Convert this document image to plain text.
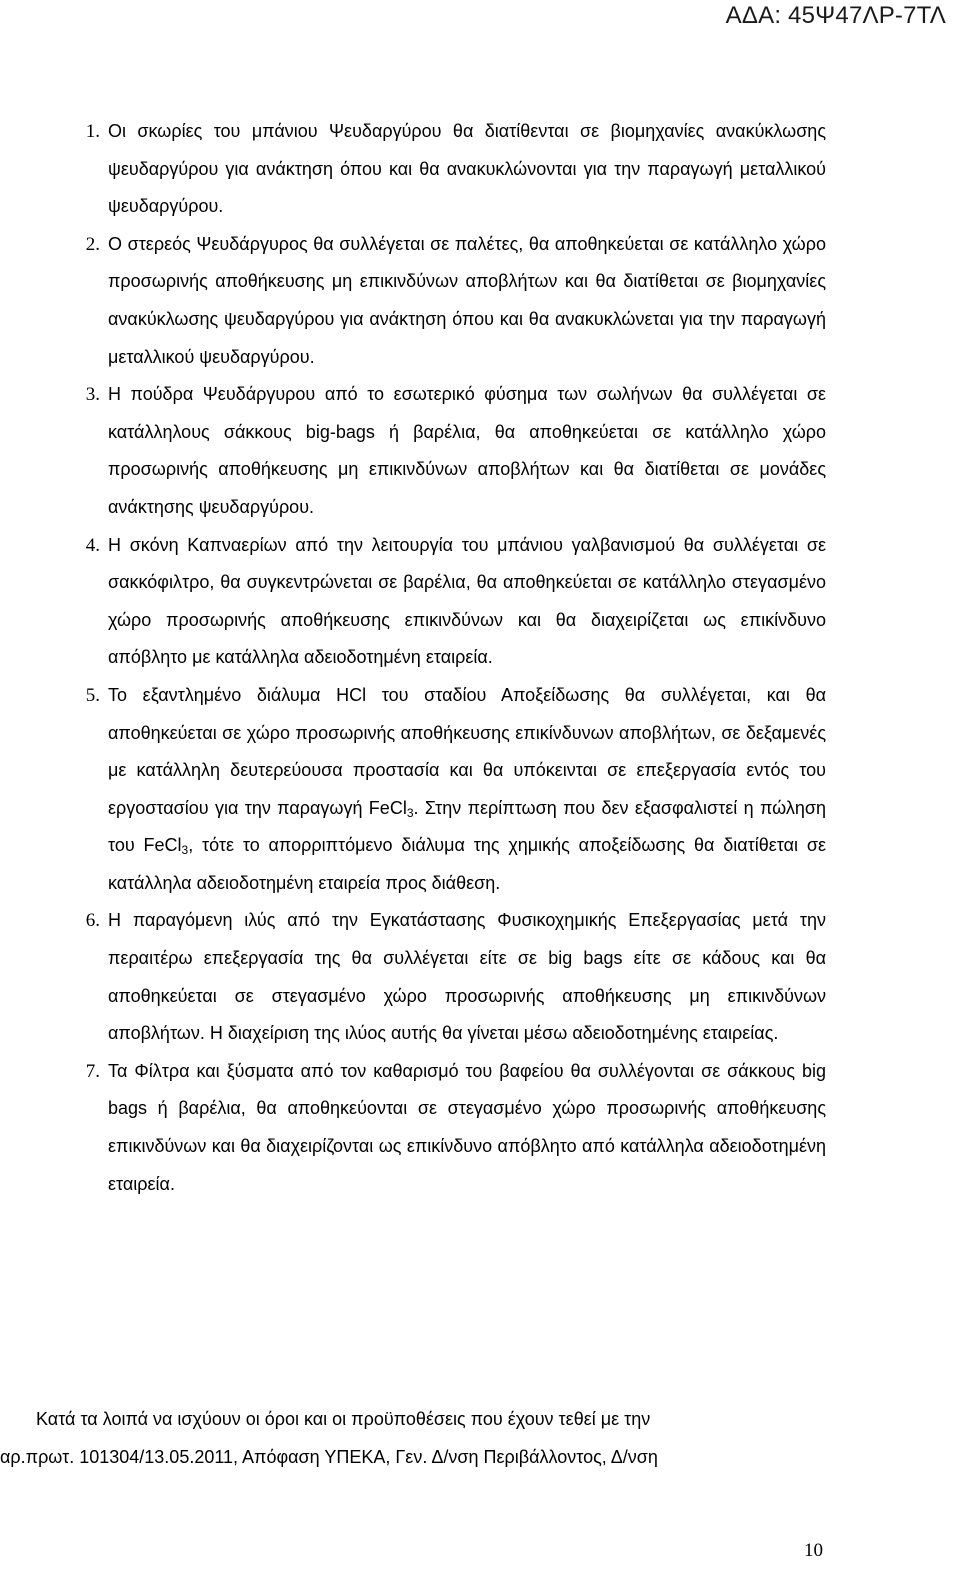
ΑΔΑ: 45Ψ47ΛΡ-7ΤΛ
1. Οι σκωρίες του μπάνιου Ψευδαργύρου θα διατίθενται σε βιομηχανίες ανακύκλωσης ψευδαργύρου για ανάκτηση όπου και θα ανακυκλώνονται για την παραγωγή μεταλλικού ψευδαργύρου.

2. Ο στερεός Ψευδάργυρος θα συλλέγεται σε παλέτες, θα αποθηκεύεται σε κατάλληλο χώρο προσωρινής αποθήκευσης μη επικινδύνων αποβλήτων και θα διατίθεται σε βιομηχανίες ανακύκλωσης ψευδαργύρου για ανάκτηση όπου και θα ανακυκλώνεται για την παραγωγή μεταλλικού ψευδαργύρου.

3. Η πούδρα Ψευδάργυρου από το εσωτερικό φύσημα των σωλήνων θα συλλέγεται σε κατάλληλους σάκκους big-bags ή βαρέλια, θα αποθηκεύεται σε κατάλληλο χώρο προσωρινής αποθήκευσης μη επικινδύνων αποβλήτων και θα διατίθεται σε μονάδες ανάκτησης ψευδαργύρου.

4. Η σκόνη Καπναερίων από την λειτουργία του μπάνιου γαλβανισμού θα συλλέγεται σε σακκόφιλτρο, θα συγκεντρώνεται σε βαρέλια, θα αποθηκεύεται σε κατάλληλο στεγασμένο χώρο προσωρινής αποθήκευσης επικινδύνων και θα διαχειρίζεται ως επικίνδυνο απόβλητο με κατάλληλα αδειοδοτημένη εταιρεία.

5. Το εξαντλημένο διάλυμα HCl του σταδίου Αποξείδωσης θα συλλέγεται, και θα αποθηκεύεται σε χώρο προσωρινής αποθήκευσης επικίνδυνων αποβλήτων, σε δεξαμενές με κατάλληλη δευτερεύουσα προστασία και θα υπόκεινται σε επεξεργασία εντός του εργοστασίου για την παραγωγή FeCl$_3$. Στην περίπτωση που δεν εξασφαλιστεί η πώληση του FeCl$_3$, τότε το απορριπτόμενο διάλυμα της χημικής αποξείδωσης θα διατίθεται σε κατάλληλα αδειοδοτημένη εταιρεία προς διάθεση.

6. Η παραγόμενη ιλύς από την Εγκατάστασης Φυσικοχημικής Επεξεργασίας μετά την περαιτέρω επεξεργασία της θα συλλέγεται είτε σε big bags είτε σε κάδους και θα αποθηκεύεται σε στεγασμένο χώρο προσωρινής αποθήκευσης μη επικινδύνων αποβλήτων. Η διαχείριση της ιλύος αυτής θα γίνεται μέσω αδειοδοτημένης εταιρείας.

7. Τα Φίλτρα και ξύσματα από τον καθαρισμό του βαφείου θα συλλέγονται σε σάκκους big bags ή βαρέλια, θα αποθηκεύονται σε στεγασμένο χώρο προσωρινής αποθήκευσης επικινδύνων και θα διαχειρίζονται ως επικίνδυνο απόβλητο από κατάλληλα αδειοδοτημένη εταιρεία.

Κατά τα λοιπά να ισχύουν οι όροι και οι προϋποθέσεις που έχουν τεθεί με την
αρ.πρωτ. 101304/13.05.2011, Απόφαση ΥΠΕΚΑ, Γεν. Δ/νση Περιβάλλοντος, Δ/νση
10
